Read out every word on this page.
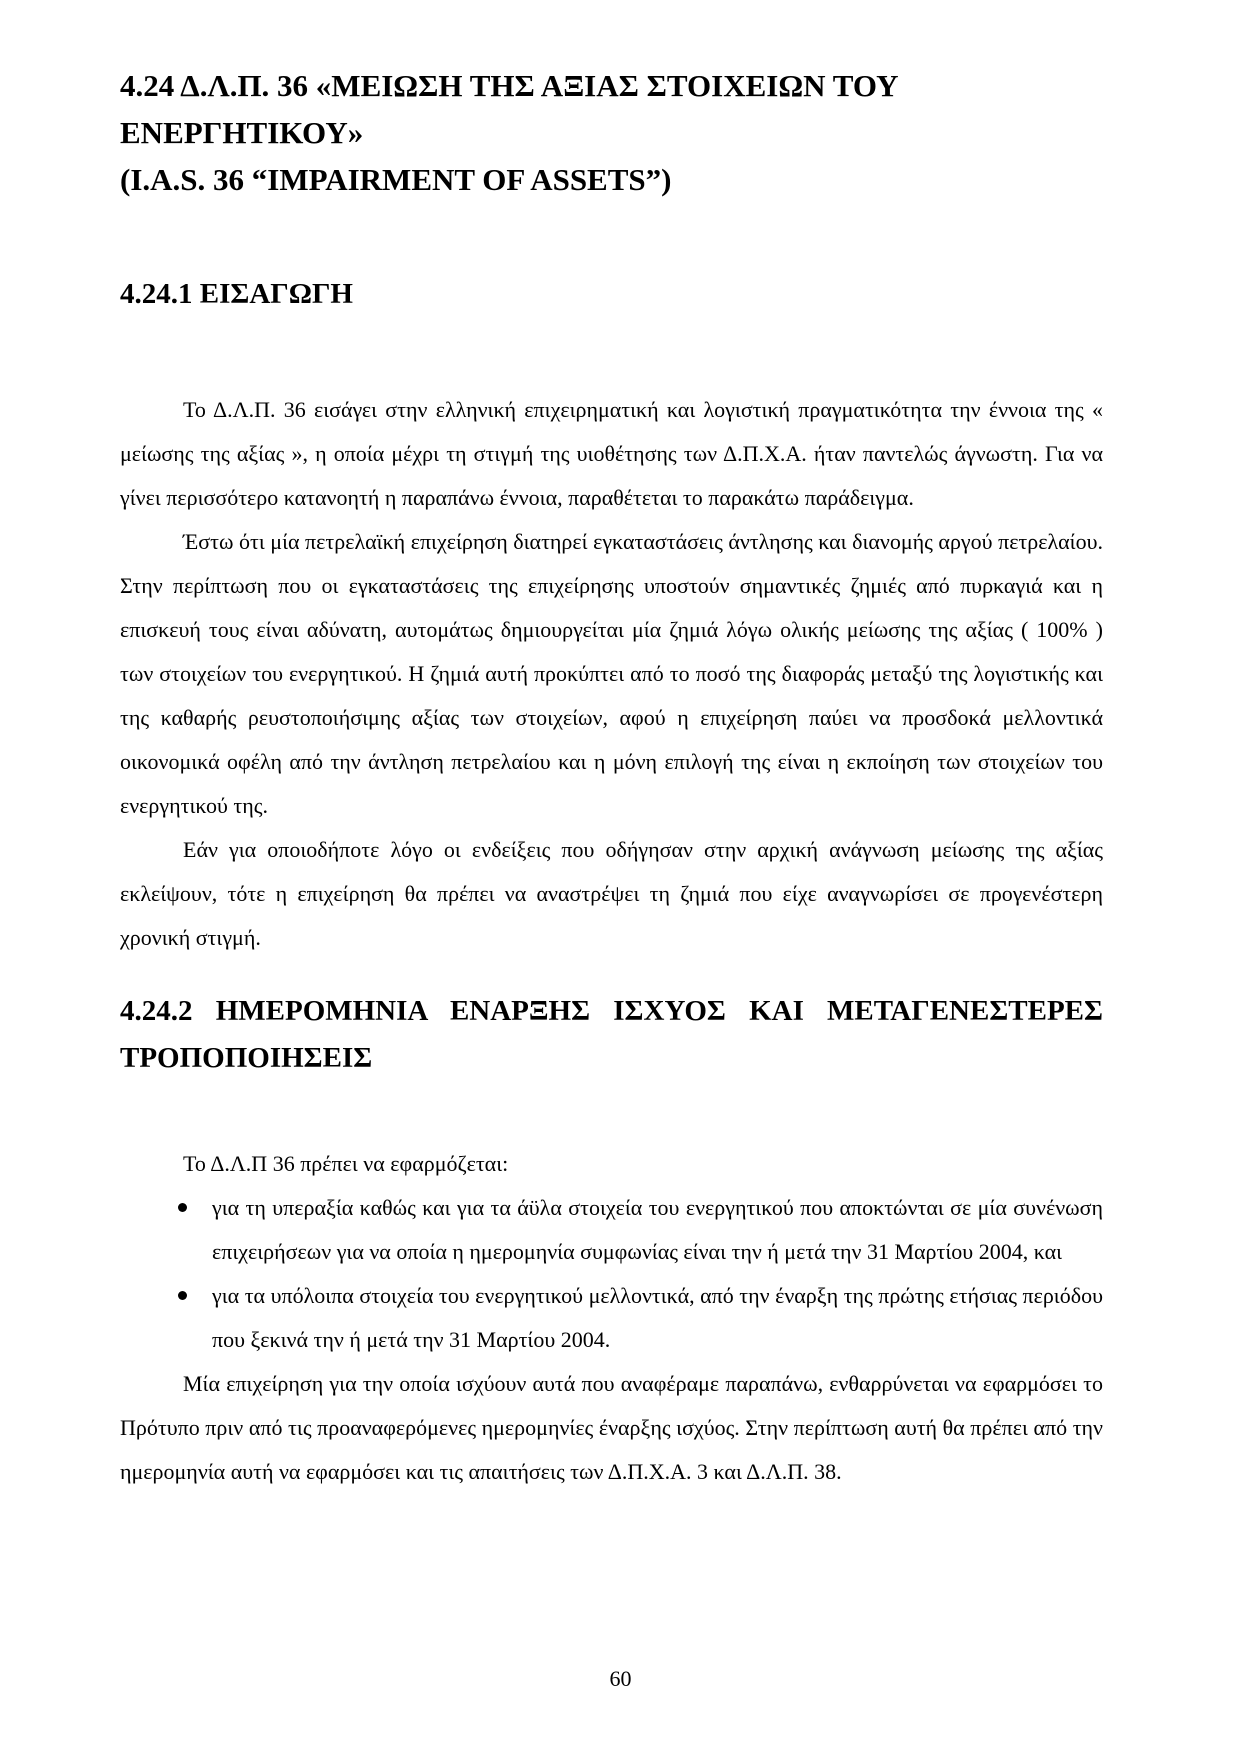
4.24 Δ.Λ.Π. 36 «ΜΕΙΩΣΗ ΤΗΣ ΑΞΙΑΣ ΣΤΟΙΧΕΙΩΝ ΤΟΥ
ΕΝΕΡΓΗΤΙΚΟΥ»
(I.A.S. 36 “IMPAIRMENT OF ASSETS”)
4.24.1 ΕΙΣΑΓΩΓΗ

Το Δ.Λ.Π. 36 εισάγει στην ελληνική επιχειρηματική και λογιστική πραγματικότητα την έννοια της « μείωσης της αξίας », η οποία μέχρι τη στιγμή της υιοθέτησης των Δ.Π.Χ.Α. ήταν παντελώς άγνωστη. Για να γίνει περισσότερο κατανοητή η παραπάνω έννοια, παραθέτεται το παρακάτω παράδειγμα.

Έστω ότι μία πετρελαϊκή επιχείρηση διατηρεί εγκαταστάσεις άντλησης και διανομής αργού πετρελαίου. Στην περίπτωση που οι εγκαταστάσεις της επιχείρησης υποστούν σημαντικές ζημιές από πυρκαγιά και η επισκευή τους είναι αδύνατη, αυτομάτως δημιουργείται μία ζημιά λόγω ολικής μείωσης της αξίας ( 100% ) των στοιχείων του ενεργητικού. Η ζημιά αυτή προκύπτει από το ποσό της διαφοράς μεταξύ της λογιστικής και της καθαρής ρευστοποιήσιμης αξίας των στοιχείων, αφού η επιχείρηση παύει να προσδοκά μελλοντικά οικονομικά οφέλη από την άντληση πετρελαίου και η μόνη επιλογή της είναι η εκποίηση των στοιχείων του ενεργητικού της.

Εάν για οποιοδήποτε λόγο οι ενδείξεις που οδήγησαν στην αρχική ανάγνωση μείωσης της αξίας εκλείψουν, τότε η επιχείρηση θα πρέπει να αναστρέψει τη ζημιά που είχε αναγνωρίσει σε προγενέστερη χρονική στιγμή.

4.24.2 ΗΜΕΡΟΜΗΝΙΑ ΕΝΑΡΞΗΣ ΙΣΧΥΟΣ ΚΑΙ ΜΕΤΑΓΕΝΕΣΤΕΡΕΣ ΤΡΟΠΟΠΟΙΗΣΕΙΣ

Το Δ.Λ.Π 36 πρέπει να εφαρμόζεται:

για τη υπεραξία καθώς και για τα άϋλα στοιχεία του ενεργητικού που αποκτώνται σε μία συνένωση επιχειρήσεων για να οποία η ημερομηνία συμφωνίας είναι την ή μετά την 31 Μαρτίου 2004, και
για τα υπόλοιπα στοιχεία του ενεργητικού μελλοντικά, από την έναρξη της πρώτης ετήσιας περιόδου που ξεκινά την ή μετά την 31 Μαρτίου 2004.

Μία επιχείρηση για την οποία ισχύουν αυτά που αναφέραμε παραπάνω, ενθαρρύνεται να εφαρμόσει το Πρότυπο πριν από τις προαναφερόμενες ημερομηνίες έναρξης ισχύος. Στην περίπτωση αυτή θα πρέπει από την ημερομηνία αυτή να εφαρμόσει και τις απαιτήσεις των Δ.Π.Χ.Α. 3 και Δ.Λ.Π. 38.

60
